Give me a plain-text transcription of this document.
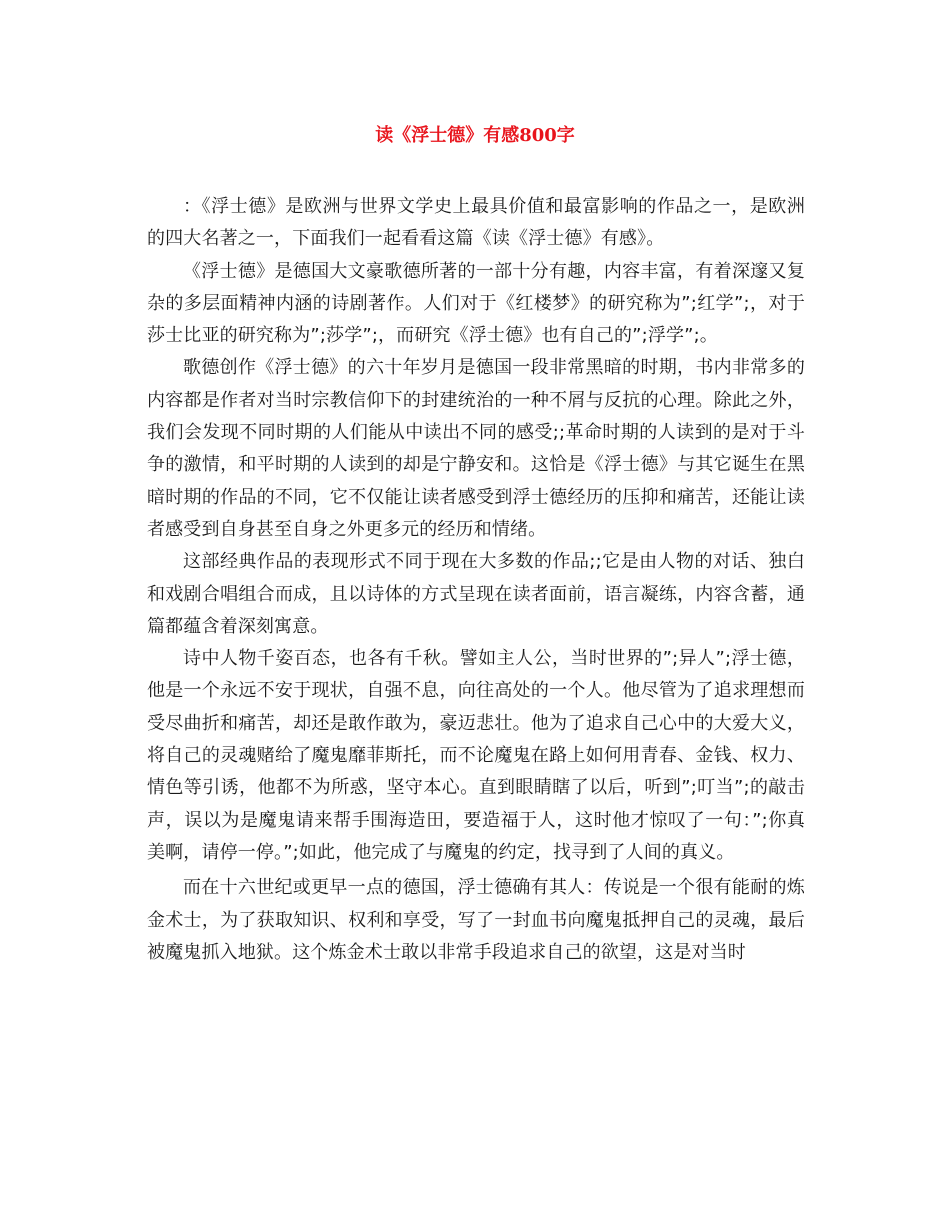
读《浮士德》有感800字

：《浮士德》是欧洲与世界文学史上最具价值和最富影响的作品之一，是欧洲的四大名著之一，下面我们一起看看这篇《读《浮士德》有感》。

《浮士德》是德国大文豪歌德所著的一部十分有趣，内容丰富，有着深邃又复杂的多层面精神内涵的诗剧著作。人们对于《红楼梦》的研究称为”;红学”;，对于莎士比亚的研究称为”;莎学”;，而研究《浮士德》也有自己的”;浮学”;。

歌德创作《浮士德》的六十年岁月是德国一段非常黑暗的时期，书内非常多的内容都是作者对当时宗教信仰下的封建统治的一种不屑与反抗的心理。除此之外，我们会发现不同时期的人们能从中读出不同的感受;;革命时期的人读到的是对于斗争的激情，和平时期的人读到的却是宁静安和。这恰是《浮士德》与其它诞生在黑暗时期的作品的不同，它不仅能让读者感受到浮士德经历的压抑和痛苦，还能让读者感受到自身甚至自身之外更多元的经历和情绪。

这部经典作品的表现形式不同于现在大多数的作品;;它是由人物的对话、独白和戏剧合唱组合而成，且以诗体的方式呈现在读者面前，语言凝练，内容含蓄，通篇都蕴含着深刻寓意。

诗中人物千姿百态，也各有千秋。譬如主人公，当时世界的”;异人”;浮士德，他是一个永远不安于现状，自强不息，向往高处的一个人。他尽管为了追求理想而受尽曲折和痛苦，却还是敢作敢为，豪迈悲壮。他为了追求自己心中的大爱大义，将自己的灵魂赌给了魔鬼靡菲斯托，而不论魔鬼在路上如何用青春、金钱、权力、情色等引诱，他都不为所惑，坚守本心。直到眼睛瞎了以后，听到”;叮当”;的敲击声，误以为是魔鬼请来帮手围海造田，要造福于人，这时他才惊叹了一句：”;你真美啊，请停一停。”;如此，他完成了与魔鬼的约定，找寻到了人间的真义。

而在十六世纪或更早一点的德国，浮士德确有其人：传说是一个很有能耐的炼金术士，为了获取知识、权利和享受，写了一封血书向魔鬼抵押自己的灵魂，最后被魔鬼抓入地狱。这个炼金术士敢以非常手段追求自己的欲望，这是对当时
